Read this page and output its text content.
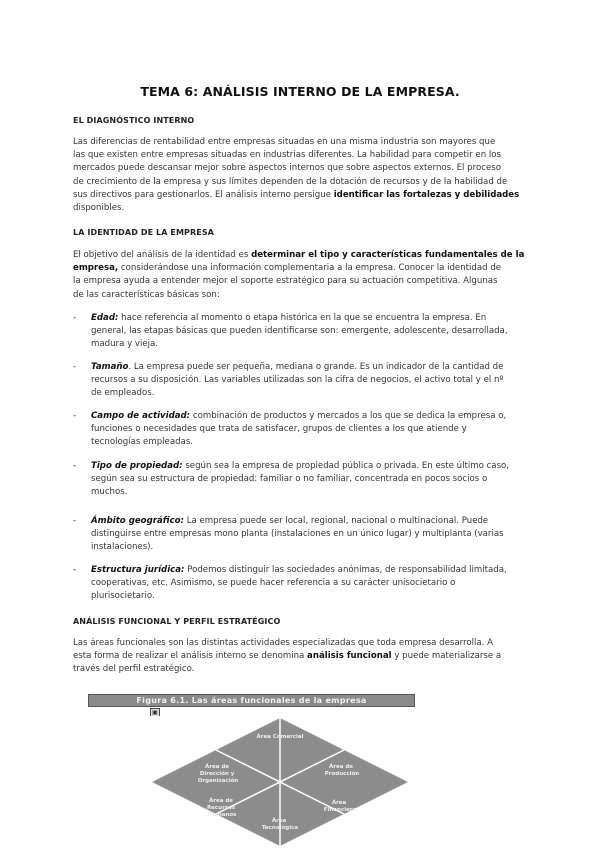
TEMA 6: ANÁLISIS INTERNO DE LA EMPRESA.
EL DIAGNÓSTICO INTERNO
Las diferencias de rentabilidad entre empresas situadas en una misma industria son mayores que
las que existen entre empresas situadas en industrias diferentes. La habilidad para competir en los
mercados puede descansar mejor sobre aspectos internos que sobre aspectos externos. El proceso
de crecimiento de la empresa y sus límites dependen de la dotación de recursos y de la habilidad de
sus directivos para gestionarlos. El análisis interno persigue identificar las fortalezas y debilidades
disponibles.
LA IDENTIDAD DE LA EMPRESA
El objetivo del análisis de la identidad es determinar el tipo y características fundamentales de la
empresa, considerándose una información complementaria a la empresa. Conocer la identidad de
la empresa ayuda a entender mejor el soporte estratégico para su actuación competitiva. Algunas
de las características básicas son:
- Edad: hace referencia al momento o etapa histórica en la que se encuentra la empresa. En
general, las etapas básicas que pueden identificarse son: emergente, adolescente, desarrollada,
madura y vieja.
- Tamaño. La empresa puede ser pequeña, mediana o grande. Es un indicador de la cantidad de
recursos a su disposición. Las variables utilizadas son la cifra de negocios, el activo total y el nº
de empleados.
- Campo de actividad: combinación de productos y mercados a los que se dedica la empresa o,
funciones o necesidades que trata de satisfacer, grupos de clientes a los que atiende y
tecnologías empleadas.
- Tipo de propiedad: según sea la empresa de propiedad pública o privada. En este último caso,
según sea su estructura de propiedad: familiar o no familiar, concentrada en pocos socios o
muchos.
- Ámbito geográfico: La empresa puede ser local, regional, nacional o multinacional. Puede
distinguirse entre empresas mono planta (instalaciones en un único lugar) y multiplanta (varias
instalaciones).
- Estructura jurídica: Podemos distinguir las sociedades anónimas, de responsabilidad limitada,
cooperativas, etc. Asimismo, se puede hacer referencia a su carácter unisocietario o
plurisocietario.
ANÁLISIS FUNCIONAL Y PERFIL ESTRATÉGICO
Las áreas funcionales son las distintas actividades especializadas que toda empresa desarrolla. A
esta forma de realizar el análisis interno se denomina análisis funcional y puede materializarse a
través del perfil estratégico.
Figura 6.1. Las áreas funcionales de la empresa
▣
Área Comercial
Área de Dirección y Organización
Área de Producción
Área de Recursos Humanos
Área Financiera
Área Tecnológica
